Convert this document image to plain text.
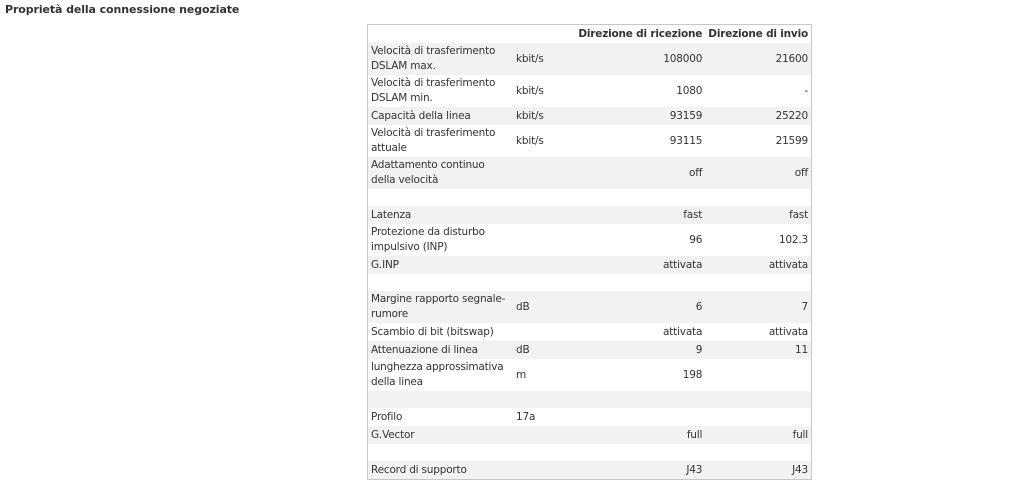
Proprietà della connessione negoziate
		Direzione di ricezione	Direzione di invio
Velocità di trasferimento DSLAM max.	kbit/s	108000	21600
Velocità di trasferimento DSLAM min.	kbit/s	1080	-
Capacità della linea	kbit/s	93159	25220
Velocità di trasferimento attuale	kbit/s	93115	21599
Adattamento continuo della velocità		off	off

Latenza		fast	fast
Protezione da disturbo impulsivo (INP)		96	102.3
G.INP		attivata	attivata

Margine rapporto segnale-rumore	dB	6	7
Scambio di bit (bitswap)		attivata	attivata
Attenuazione di linea	dB	9	11
lunghezza approssimativa della linea	m	198	

Profilo	17a		
G.Vector		full	full

Record di supporto		J43	J43
